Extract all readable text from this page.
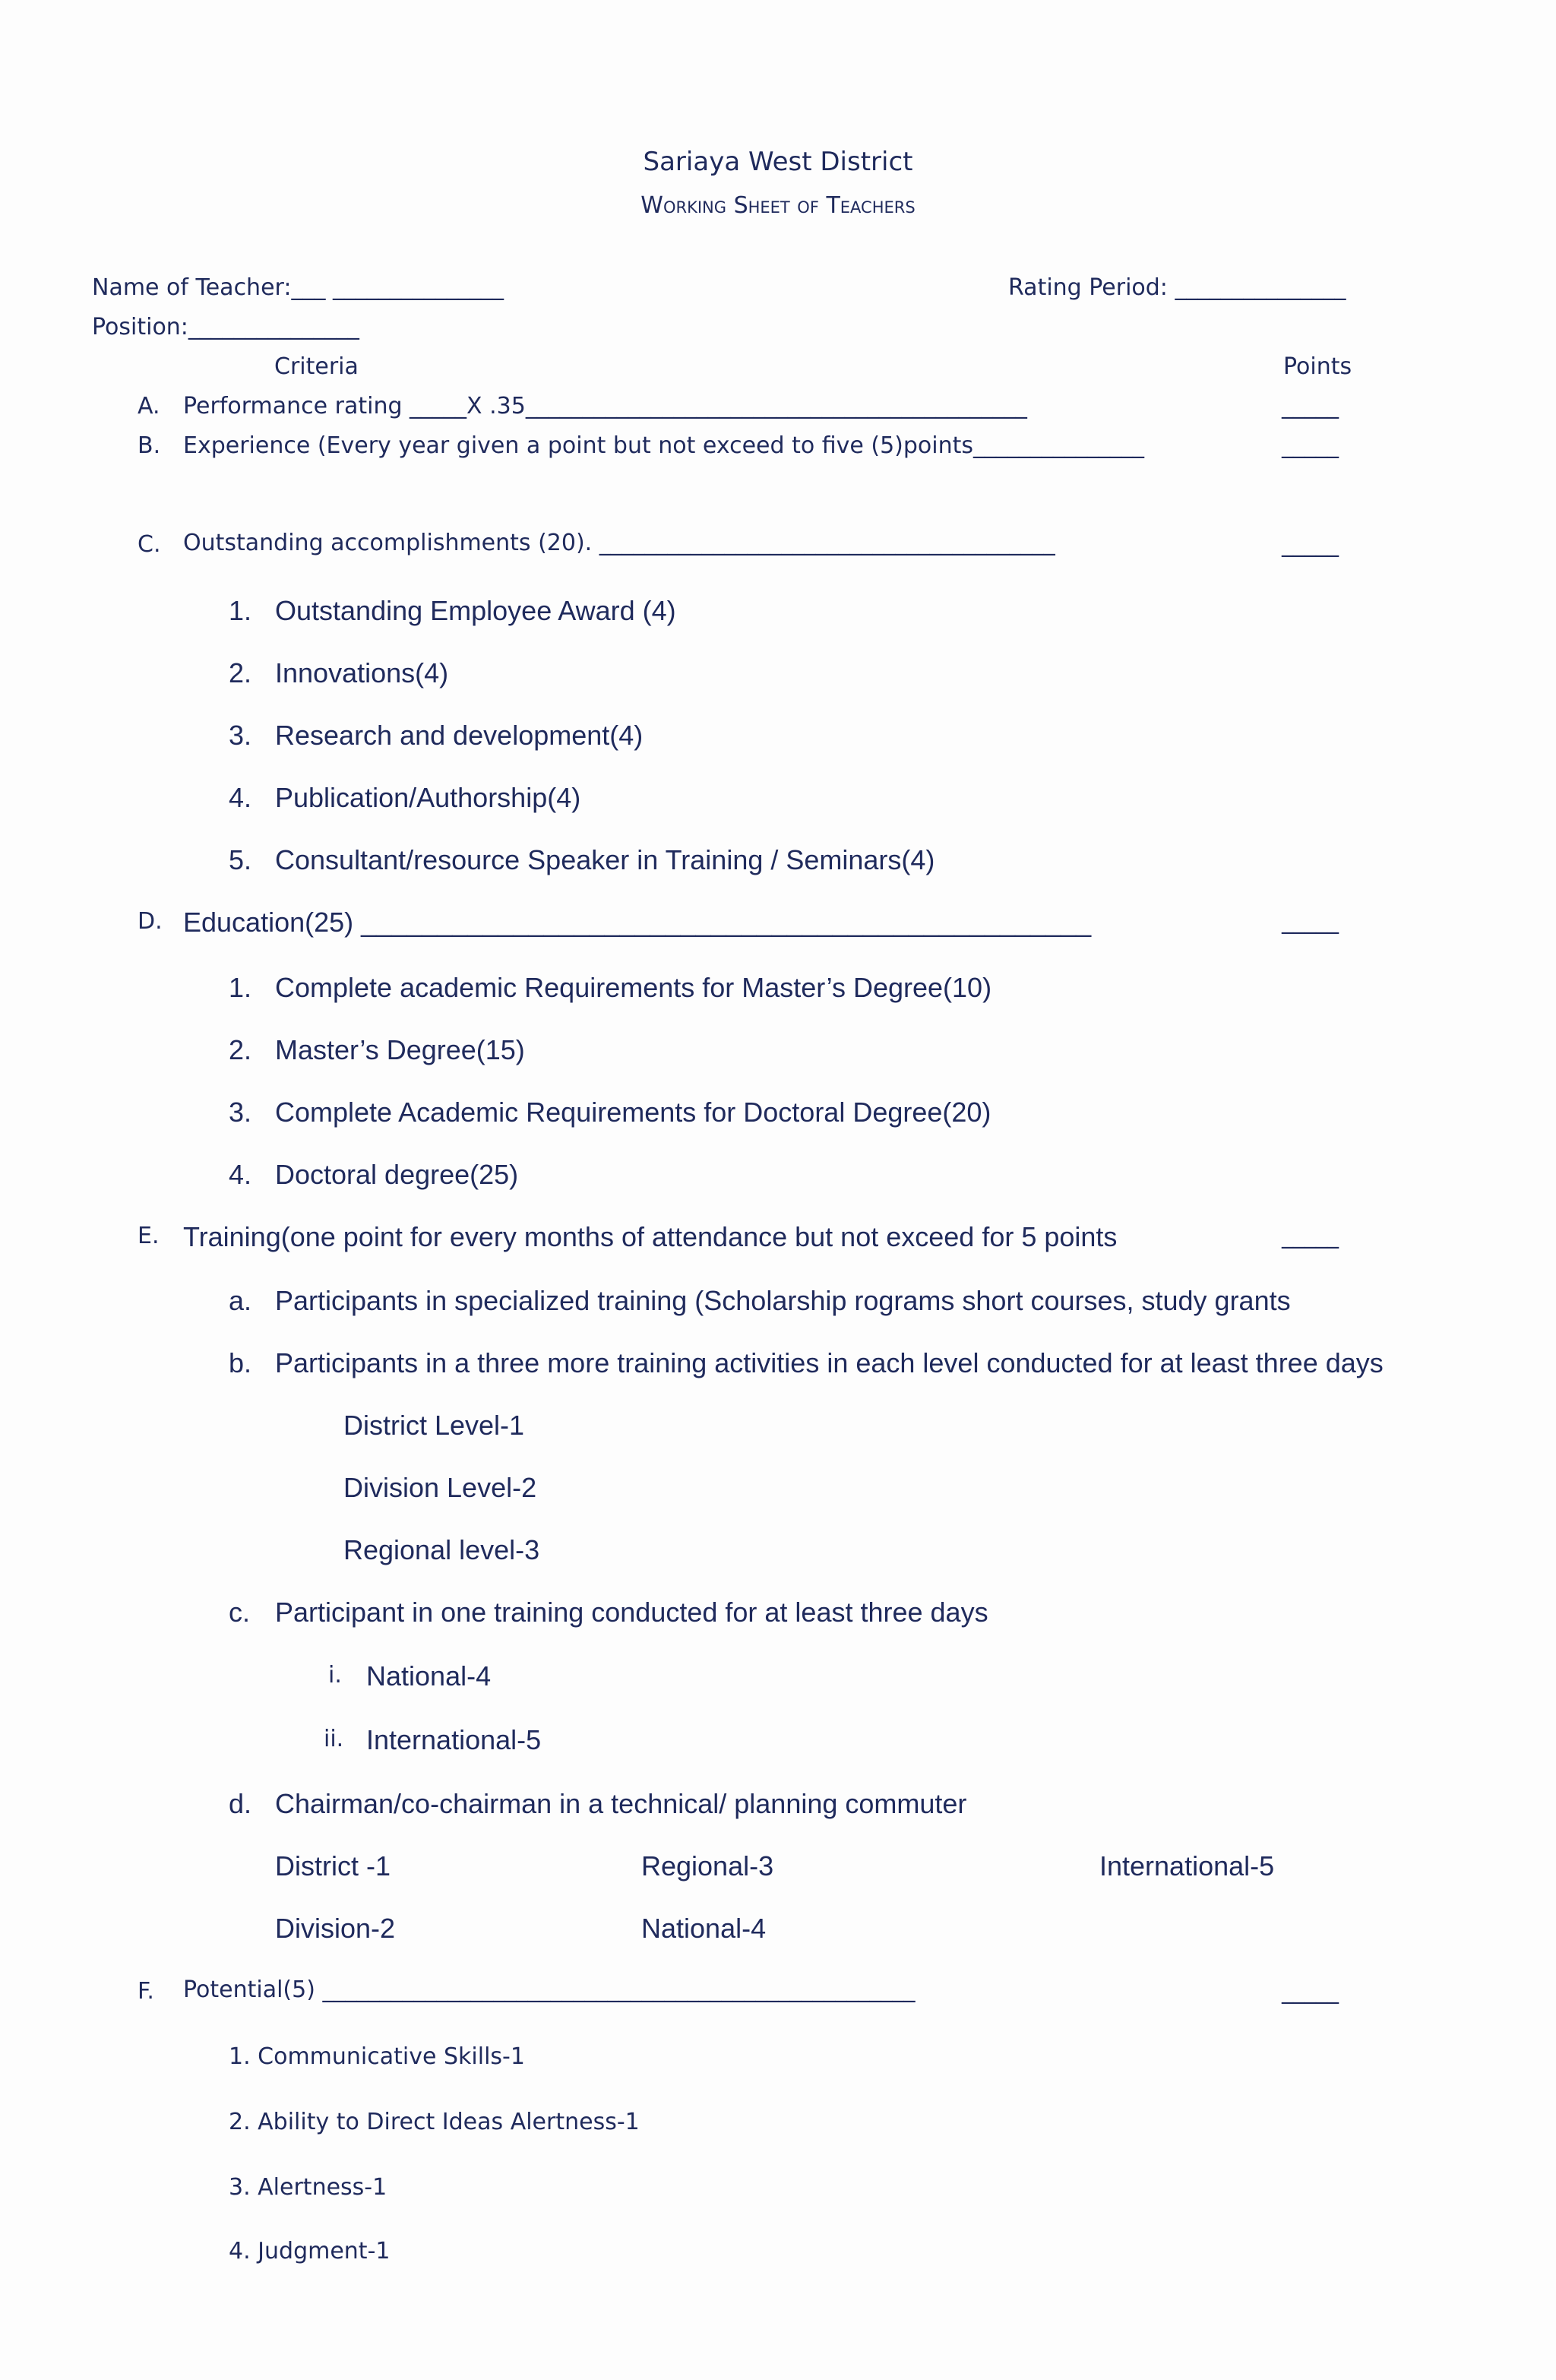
Sariaya West District
Working Sheet of Teachers
Name of Teacher:___ _______________	Rating Period: _______________
Position:_______________
Criteria	Points
A. Performance rating _____X .35____________________________________________	_____
B. Experience (Every year given a point but not exceed to five (5)points_______________	_____
C. Outstanding accomplishments (20). ________________________________________	_____
1. Outstanding Employee Award (4)
2. Innovations(4)
3. Research and development(4)
4. Publication/Authorship(4)
5. Consultant/resource Speaker in Training / Seminars(4)
D. Education(25) ________________________________________________	_____
1. Complete academic Requirements for Master’s Degree(10)
2. Master’s Degree(15)
3. Complete Academic Requirements for Doctoral Degree(20)
4. Doctoral degree(25)
E. Training(one point for every months of attendance but not exceed for 5 points	_____
a. Participants in specialized training (Scholarship rograms short courses, study grants
b. Participants in a three more training activities in each level conducted for at least three days
District Level-1
Division Level-2
Regional level-3
c. Participant in one training conducted for at least three days
i. National-4
ii. International-5
d. Chairman/co-chairman in a technical/ planning commuter
District -1	Regional-3	International-5
Division-2	National-4
F. Potential(5) ____________________________________________________	_____
1. Communicative Skills-1
2. Ability to Direct Ideas Alertness-1
3. Alertness-1
4. Judgment-1
